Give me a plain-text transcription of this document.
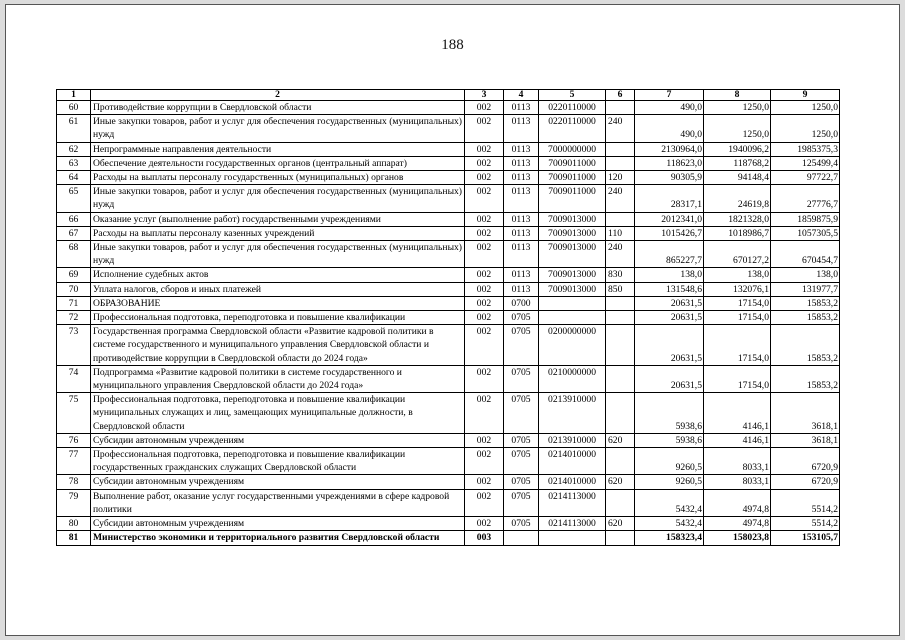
188
1	2	3	4	5	6	7	8	9
60	Противодействие коррупции в Свердловской области	002	0113	0220110000		490,0	1250,0	1250,0
61	Иные закупки товаров, работ и услуг для обеспечения государственных (муниципальных) нужд	002	0113	0220110000	240	490,0	1250,0	1250,0
62	Непрограммные направления деятельности	002	0113	7000000000		2130964,0	1940096,2	1985375,3
63	Обеспечение деятельности государственных органов (центральный аппарат)	002	0113	7009011000		118623,0	118768,2	125499,4
64	Расходы на выплаты персоналу государственных (муниципальных) органов	002	0113	7009011000	120	90305,9	94148,4	97722,7
65	Иные закупки товаров, работ и услуг для обеспечения государственных (муниципальных) нужд	002	0113	7009011000	240	28317,1	24619,8	27776,7
66	Оказание услуг (выполнение работ) государственными учреждениями	002	0113	7009013000		2012341,0	1821328,0	1859875,9
67	Расходы на выплаты персоналу казенных учреждений	002	0113	7009013000	110	1015426,7	1018986,7	1057305,5
68	Иные закупки товаров, работ и услуг для обеспечения государственных (муниципальных) нужд	002	0113	7009013000	240	865227,7	670127,2	670454,7
69	Исполнение судебных актов	002	0113	7009013000	830	138,0	138,0	138,0
70	Уплата налогов, сборов и иных платежей	002	0113	7009013000	850	131548,6	132076,1	131977,7
71	ОБРАЗОВАНИЕ	002	0700			20631,5	17154,0	15853,2
72	Профессиональная подготовка, переподготовка и повышение квалификации	002	0705			20631,5	17154,0	15853,2
73	Государственная программа Свердловской области «Развитие кадровой политики в системе государственного и муниципального управления Свердловской области и противодействие коррупции в Свердловской области до 2024 года»	002	0705	0200000000		20631,5	17154,0	15853,2
74	Подпрограмма «Развитие кадровой политики в системе государственного и муниципального управления Свердловской области до 2024 года»	002	0705	0210000000		20631,5	17154,0	15853,2
75	Профессиональная подготовка, переподготовка и повышение квалификации муниципальных служащих и лиц, замещающих муниципальные должности, в Свердловской области	002	0705	0213910000		5938,6	4146,1	3618,1
76	Субсидии автономным учреждениям	002	0705	0213910000	620	5938,6	4146,1	3618,1
77	Профессиональная подготовка, переподготовка и повышение квалификации государственных гражданских служащих Свердловской области	002	0705	0214010000		9260,5	8033,1	6720,9
78	Субсидии автономным учреждениям	002	0705	0214010000	620	9260,5	8033,1	6720,9
79	Выполнение работ, оказание услуг государственными учреждениями в сфере кадровой политики	002	0705	0214113000		5432,4	4974,8	5514,2
80	Субсидии автономным учреждениям	002	0705	0214113000	620	5432,4	4974,8	5514,2
81	Министерство экономики и территориального развития Свердловской области	003				158323,4	158023,8	153105,7
